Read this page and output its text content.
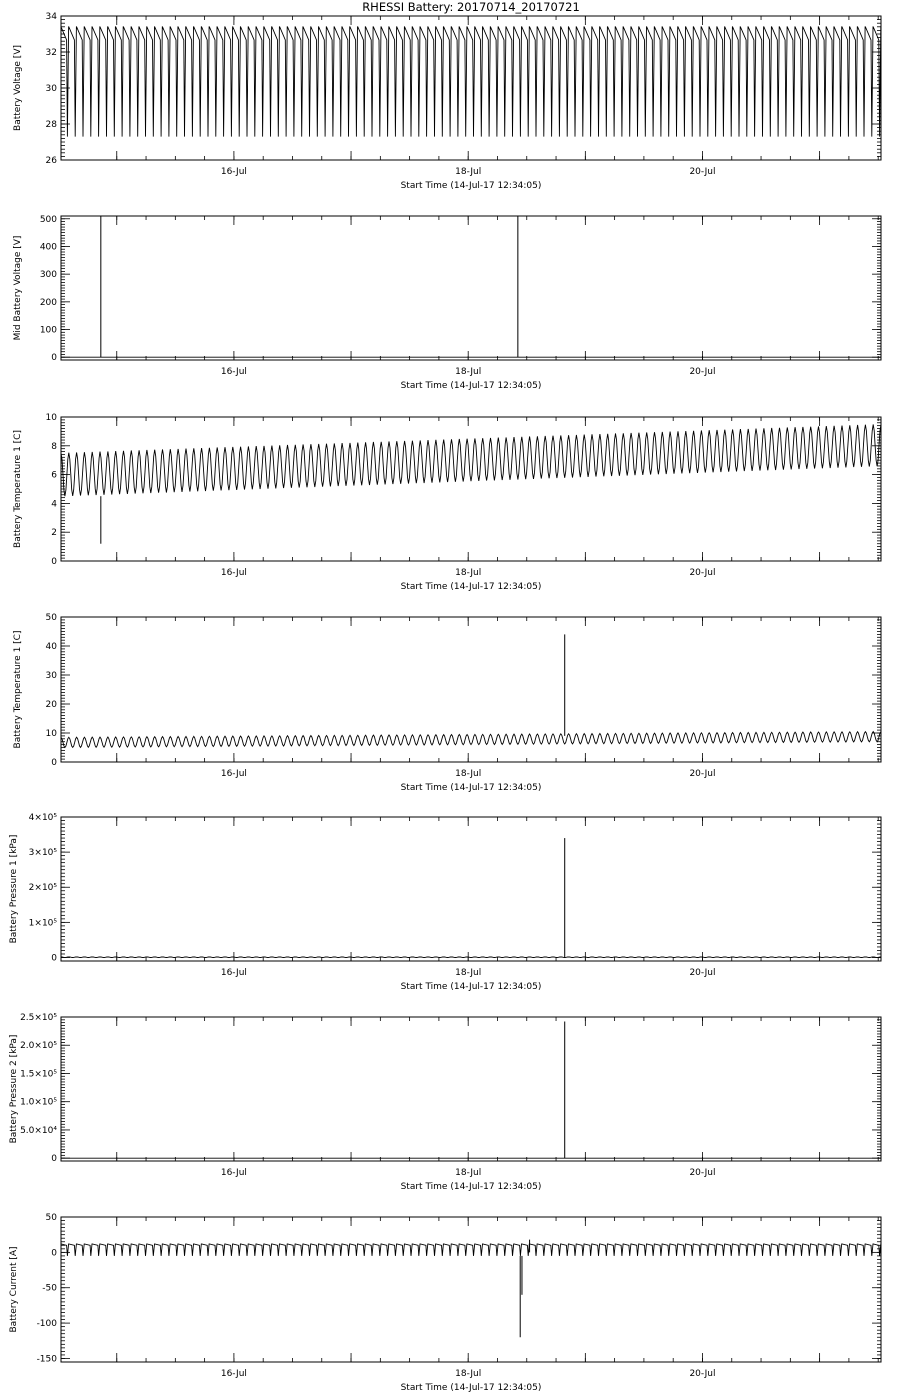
RHESSI Battery: 20170714_20170721
16-Jul	18-Jul	20-Jul
Start Time (14-Jul-17 12:34:05)
26
28
30
32
34
Battery Voltage [V]
16-Jul	18-Jul	20-Jul
Start Time (14-Jul-17 12:34:05)
0
100
200
300
400
500
Mid Battery Voltage [V]
16-Jul	18-Jul	20-Jul
Start Time (14-Jul-17 12:34:05)
0
2
4
6
8
10
Battery Temperature 1 [C]
16-Jul	18-Jul	20-Jul
Start Time (14-Jul-17 12:34:05)
0
10
20
30
40
50
Battery Temperature 1 [C]
16-Jul	18-Jul	20-Jul
Start Time (14-Jul-17 12:34:05)
0
1×10⁵
2×10⁵
3×10⁵
4×10⁵
Battery Pressure 1 [kPa]
16-Jul	18-Jul	20-Jul
Start Time (14-Jul-17 12:34:05)
0
5.0×10⁴
1.0×10⁵
1.5×10⁵
2.0×10⁵
2.5×10⁵
Battery Pressure 2 [kPa]
16-Jul	18-Jul	20-Jul
Start Time (14-Jul-17 12:34:05)
-150
-100
-50
0
50
Battery Current [A]
